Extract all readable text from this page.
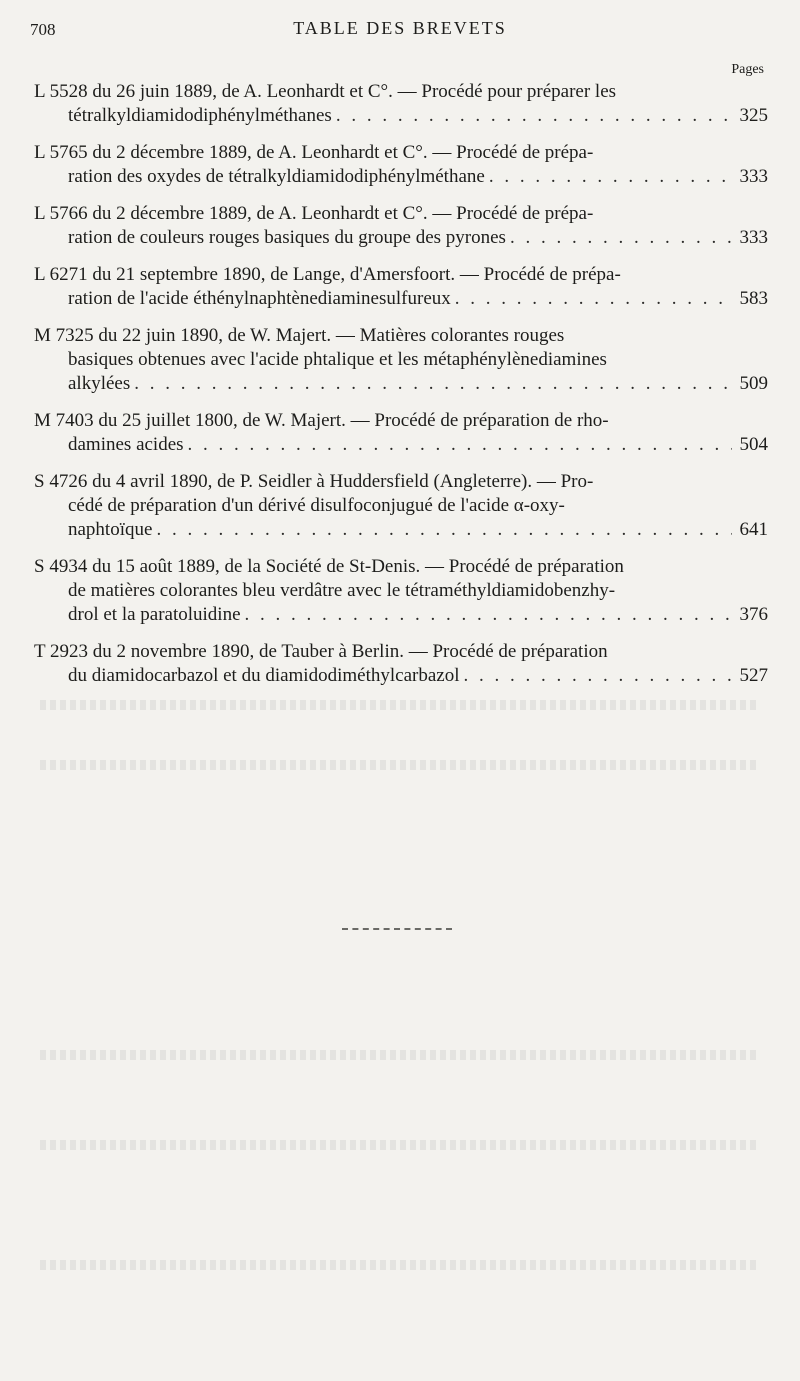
708	TABLE DES BREVETS
Pages
L 5528 du 26 juin 1889, de A. Leonhardt et C°. — Procédé pour préparer les
tétralkyldiamidodiphénylméthanes . . .	325
L 5765 du 2 décembre 1889, de A. Leonhardt et C°. — Procédé de prépa-
ration des oxydes de tétralkyldiamidodiphénylméthane . . .	333
L 5766 du 2 décembre 1889, de A. Leonhardt et C°. — Procédé de prépa-
ration de couleurs rouges basiques du groupe des pyrones . . .	333
L 6271 du 21 septembre 1890, de Lange, d'Amersfoort. — Procédé de prépa-
ration de l'acide éthénylnaphtènediaminesulfureux . . .	583
M 7325 du 22 juin 1890, de W. Majert. — Matières colorantes rouges
basiques obtenues avec l'acide phtalique et les métaphénylènediamines
alkylées . . .	509
M 7403 du 25 juillet 1800, de W. Majert. — Procédé de préparation de rho-
damines acides . . .	504
S 4726 du 4 avril 1890, de P. Seidler à Huddersfield (Angleterre). — Pro-
cédé de préparation d'un dérivé disulfoconjugué de l'acide α-oxy-
naphtoïque . . .	641
S 4934 du 15 août 1889, de la Société de St-Denis. — Procédé de préparation
de matières colorantes bleu verdâtre avec le tétraméthyldiamidobenzhy-
drol et la paratoluidine . . .	376
T 2923 du 2 novembre 1890, de Tauber à Berlin. — Procédé de préparation
du diamidocarbazol et du diamidodiméthylcarbazol . . .	527
